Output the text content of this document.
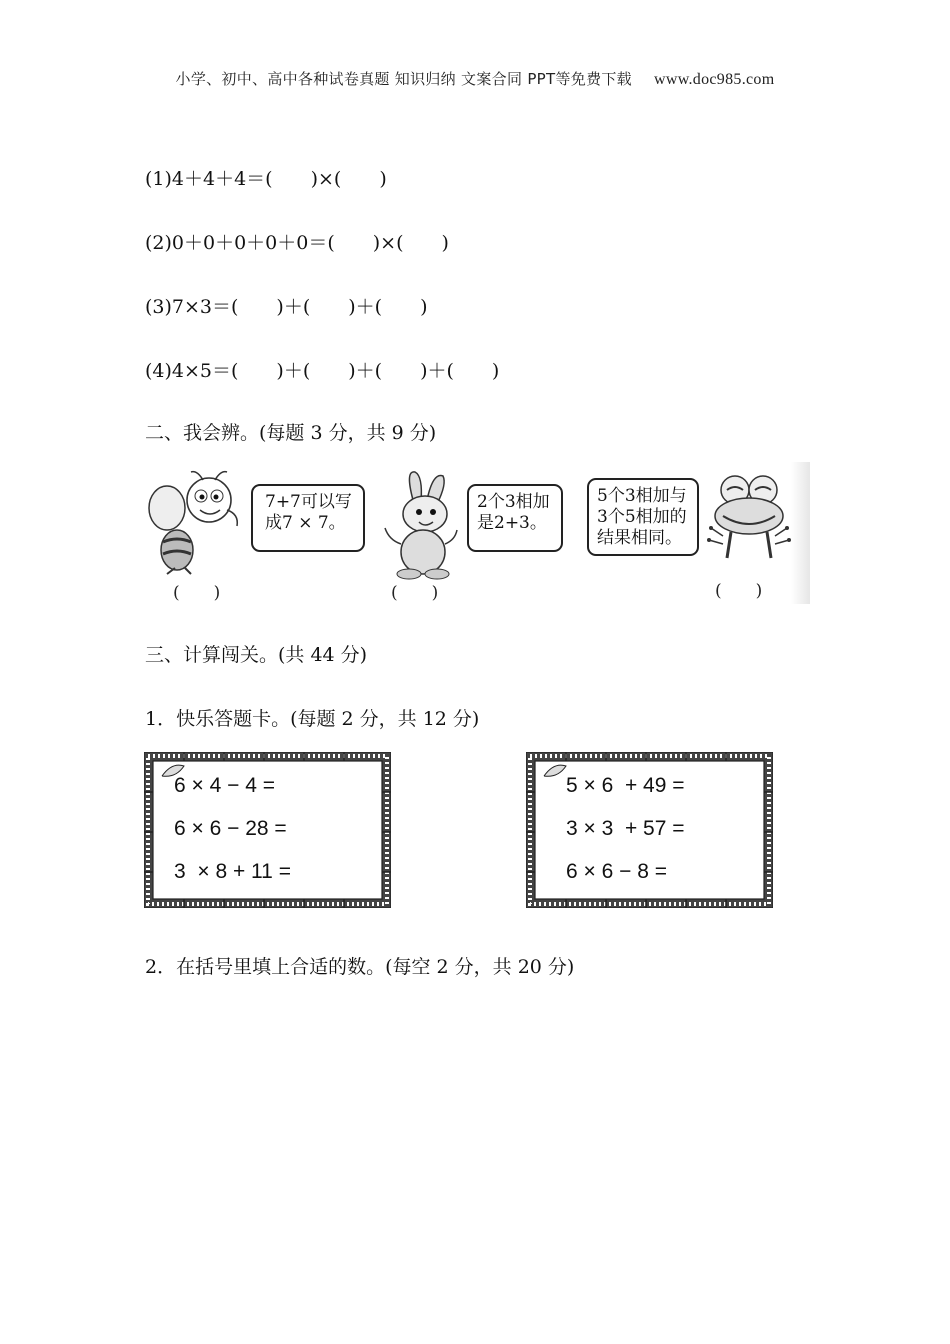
小学、初中、高中各种试卷真题 知识归纳 文案合同 PPT等免费下载 www.doc985.com
(1)4＋4＋4＝(　　)×(　　)
(2)0＋0＋0＋0＋0＝(　　)×(　　)
(3)7×3＝(　　)＋(　　)＋(　　)
(4)4×5＝(　　)＋(　　)＋(　　)＋(　　)
二、我会辨。(每题 3 分，共 9 分)
7+7可以写
成7 × 7。
(　　)
2个3相加
是2+3。
(　　)
5个3相加与
3个5相加的
结果相同。
(　　)
三、计算闯关。(共 44 分)
1．快乐答题卡。(每题 2 分，共 12 分)
6 × 4 − 4 =
6 × 6 − 28 =
3  × 8 + 11 =
5 × 6  + 49 =
3 × 3  + 57 =
6 × 6 − 8 =
2．在括号里填上合适的数。(每空 2 分，共 20 分)
